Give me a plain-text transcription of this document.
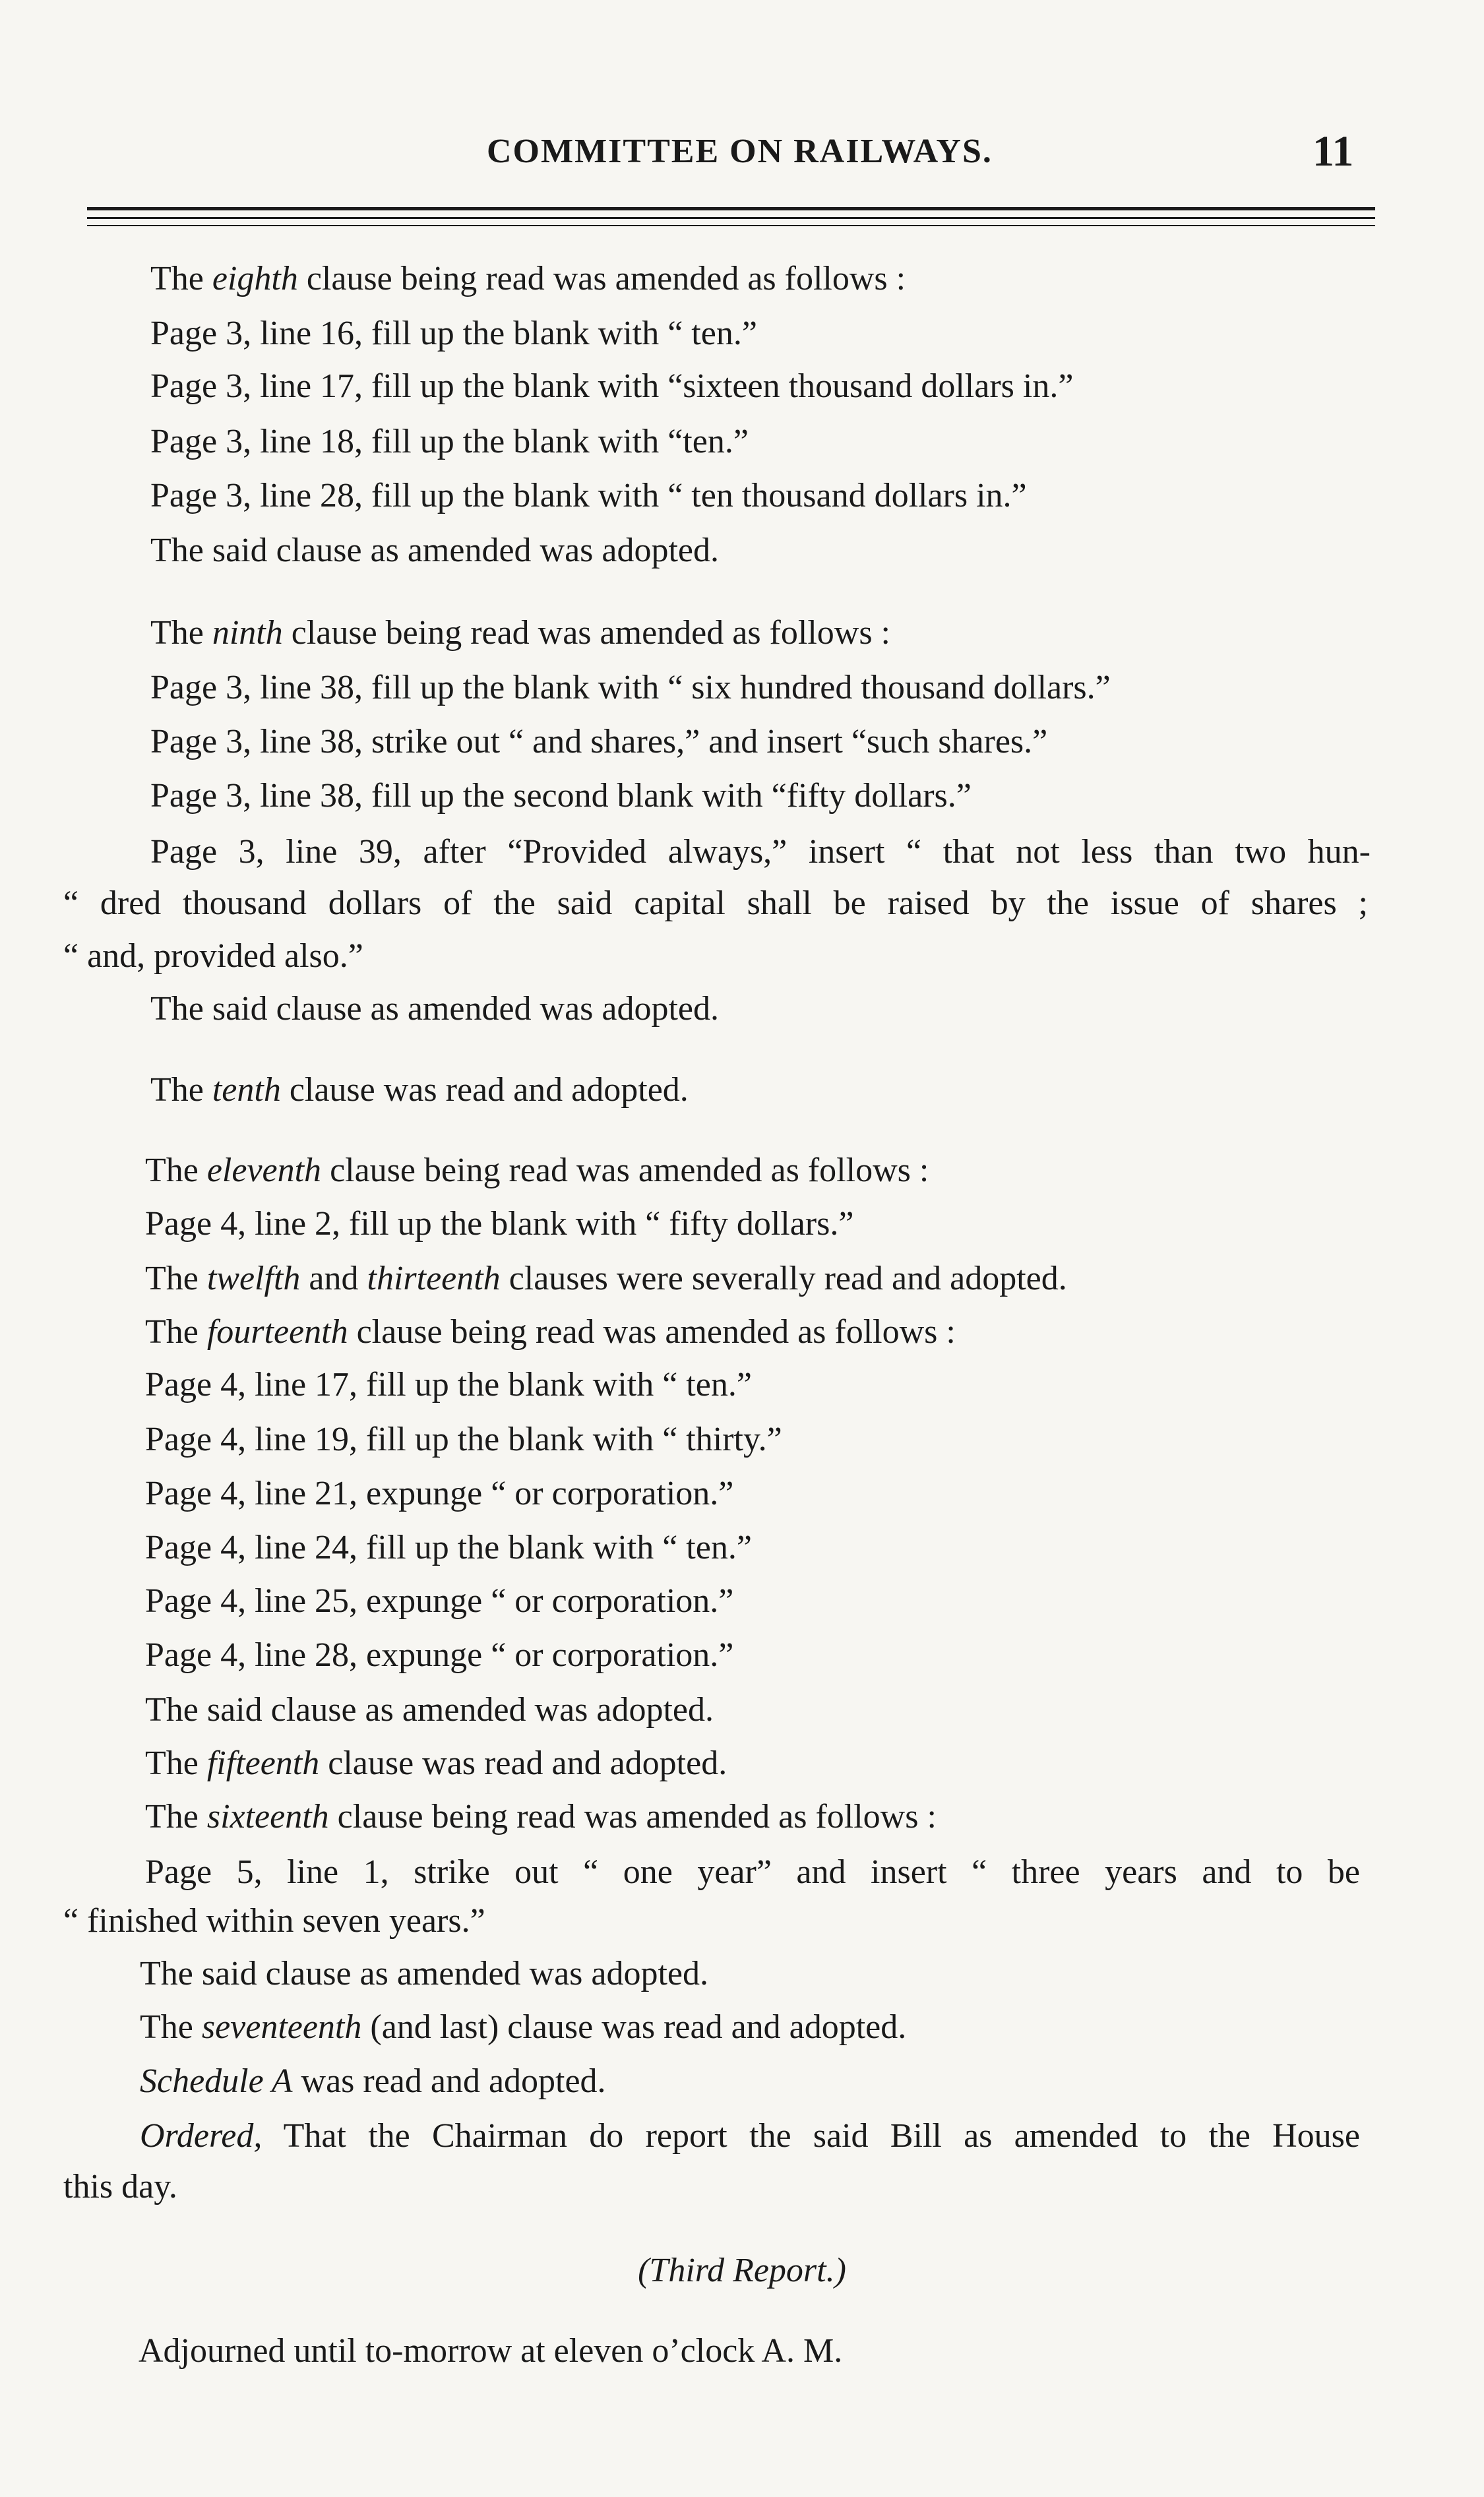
COMMITTEE ON RAILWAYS.	11
The eighth clause being read was amended as follows :
Page 3, line 16, fill up the blank with “ ten.”
Page 3, line 17, fill up the blank with “sixteen thousand dollars in.”
Page 3, line 18, fill up the blank with “ten.”
Page 3, line 28, fill up the blank with “ ten thousand dollars in.”
The said clause as amended was adopted.
The ninth clause being read was amended as follows :
Page 3, line 38, fill up the blank with “ six hundred thousand dollars.”
Page 3, line 38, strike out “ and shares,” and insert “such shares.”
Page 3, line 38, fill up the second blank with “fifty dollars.”
Page 3, line 39, after “Provided always,” insert “ that not less than two hun-
“ dred thousand dollars of the said capital shall be raised by the issue of shares ;
“ and, provided also.”
The said clause as amended was adopted.
The tenth clause was read and adopted.
The eleventh clause being read was amended as follows :
Page 4, line 2, fill up the blank with “ fifty dollars.”
The twelfth and thirteenth clauses were severally read and adopted.
The fourteenth clause being read was amended as follows :
Page 4, line 17, fill up the blank with “ ten.”
Page 4, line 19, fill up the blank with “ thirty.”
Page 4, line 21, expunge “ or corporation.”
Page 4, line 24, fill up the blank with “ ten.”
Page 4, line 25, expunge “ or corporation.”
Page 4, line 28, expunge “ or corporation.”
The said clause as amended was adopted.
The fifteenth clause was read and adopted.
The sixteenth clause being read was amended as follows :
Page 5, line 1, strike out “ one year” and insert “ three years and to be
“ finished within seven years.”
The said clause as amended was adopted.
The seventeenth (and last) clause was read and adopted.
Schedule A was read and adopted.
Ordered, That the Chairman do report the said Bill as amended to the House
this day.
(Third Report.)
Adjourned until to-morrow at eleven o’clock A. M.
